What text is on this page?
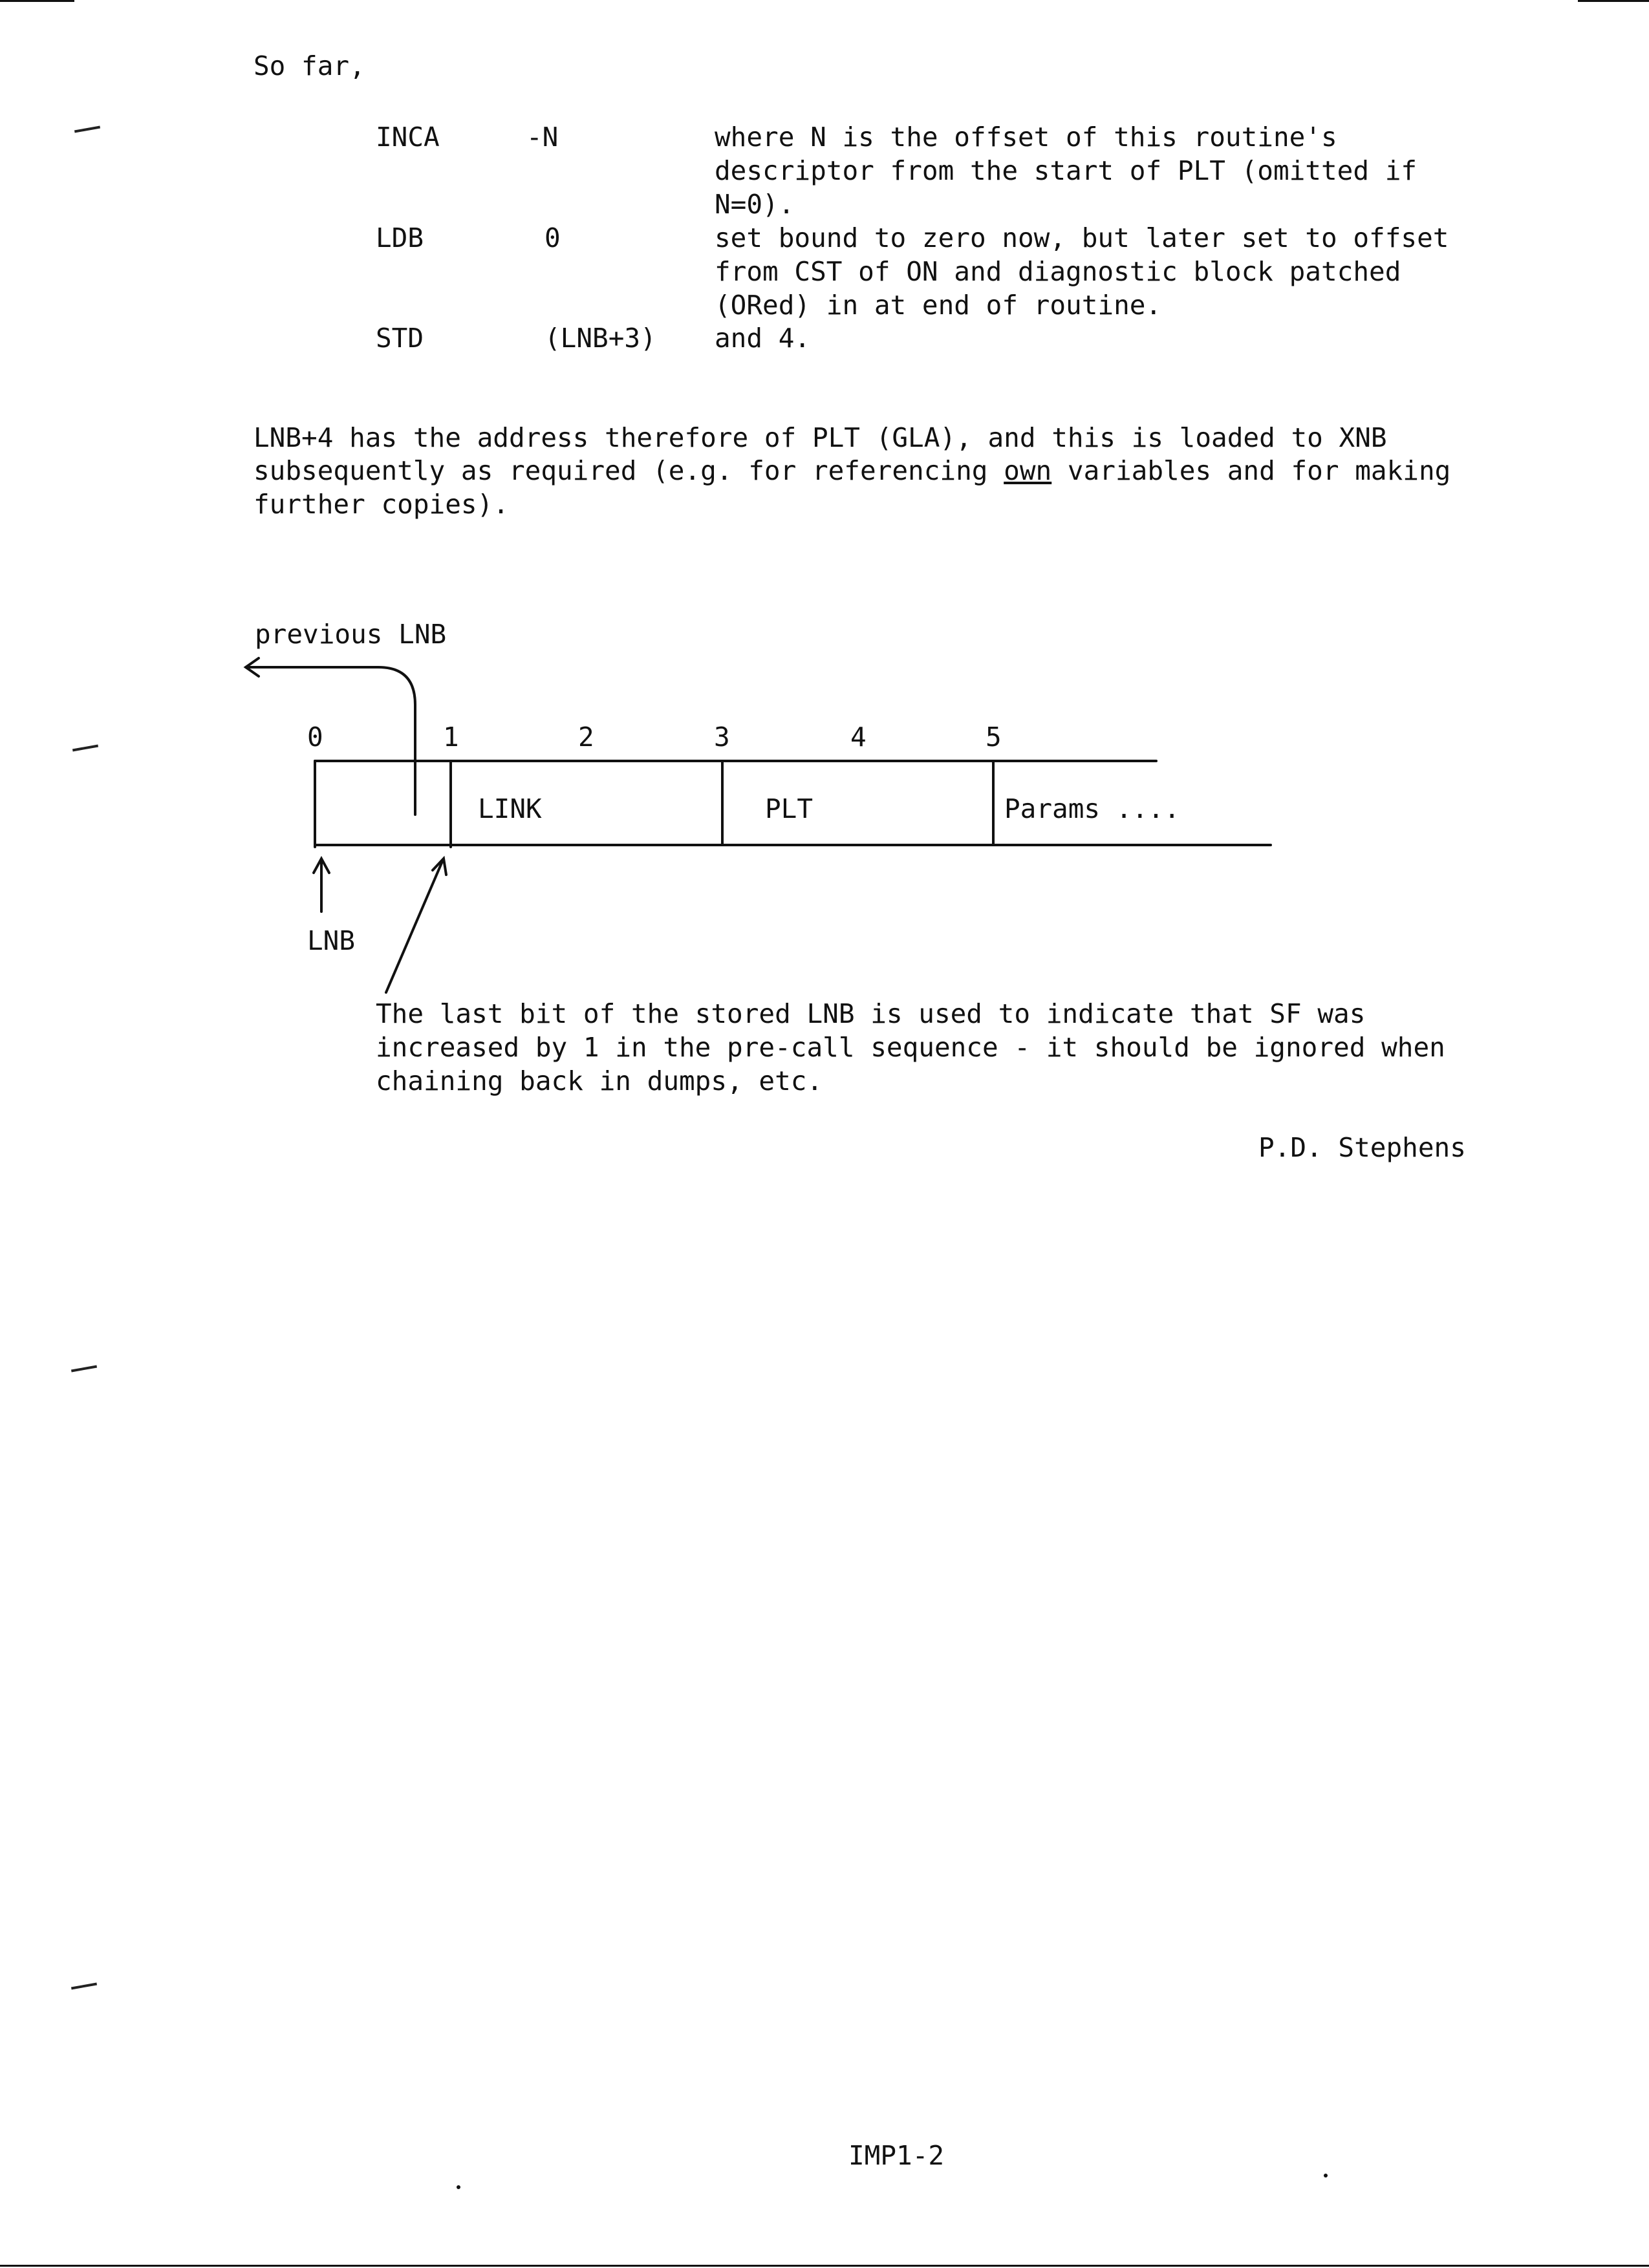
So far,
INCA	-N	where N is the offset of this routine's
descriptor from the start of PLT (omitted if
N=0).
LDB	0	set bound to zero now, but later set to offset
from CST of ON and diagnostic block patched
(ORed) in at end of routine.
STD	(LNB+3) and 4.
LNB+4 has the address therefore of PLT (GLA), and this is loaded to XNB
subsequently as required (e.g. for referencing own variables and for making
further copies).
previous LNB
0	1	2	3	4	5
LINK	PLT	Params ....
LNB
The last bit of the stored LNB is used to indicate that SF was
increased by 1 in the pre-call sequence - it should be ignored when
chaining back in dumps, etc.
P.D. Stephens
IMP1-2
